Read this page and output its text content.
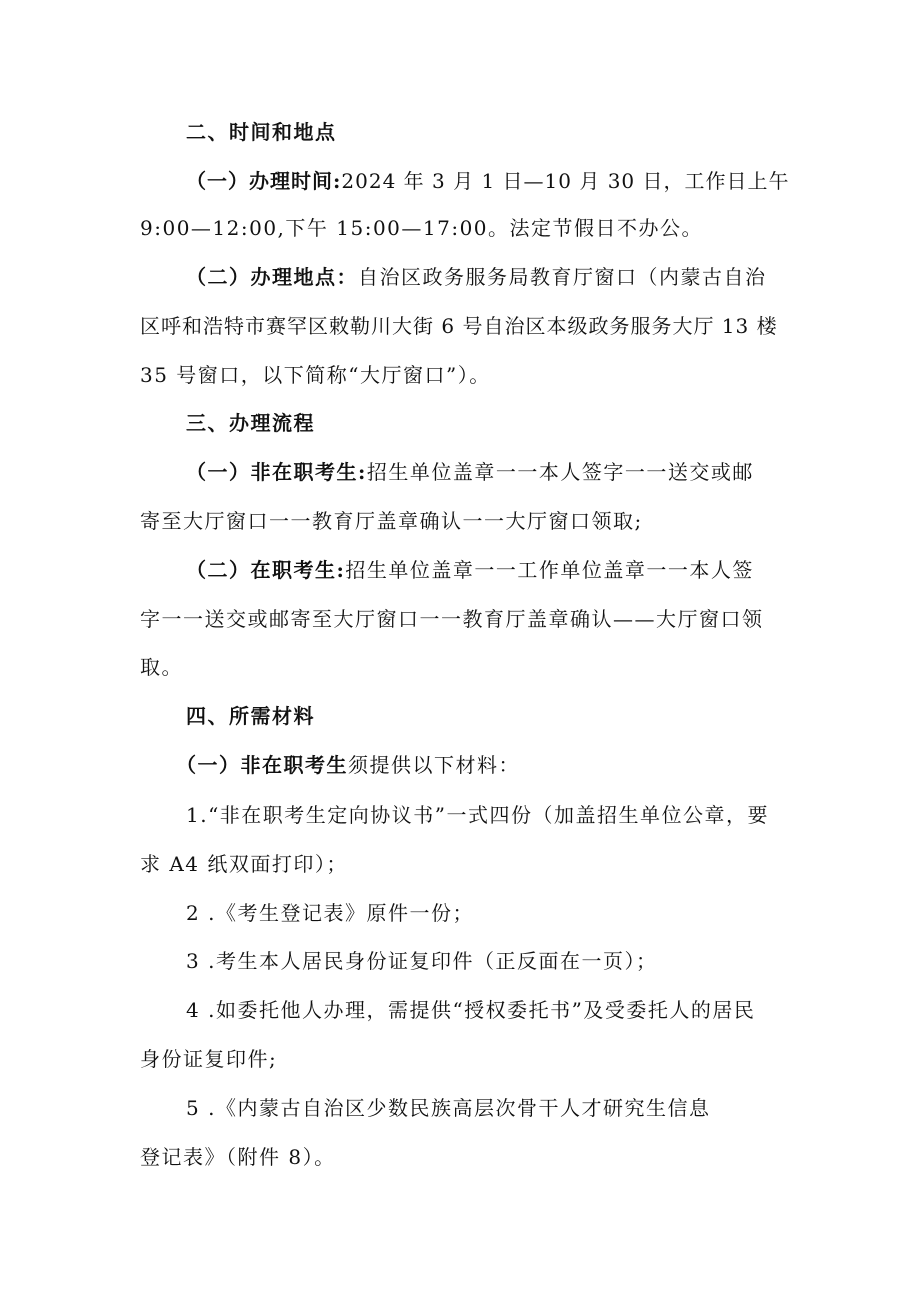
二、时间和地点
（一）办理时间:2024 年 3 月 1 日—10 月 30 日，工作日上午
9:00—12:00,下午 15:00—17:00。法定节假日不办公。
（二）办理地点：自治区政务服务局教育厅窗口（内蒙古自治
区呼和浩特市赛罕区敕勒川大街 6 号自治区本级政务服务大厅 13 楼
35 号窗口，以下简称“大厅窗口”）。
三、办理流程
（一）非在职考生:招生单位盖章一一本人签字一一送交或邮
寄至大厅窗口一一教育厅盖章确认一一大厅窗口领取;
（二）在职考生:招生单位盖章一一工作单位盖章一一本人签
字一一送交或邮寄至大厅窗口一一教育厅盖章确认——大厅窗口领
取。
四、所需材料
（一）非在职考生须提供以下材料：
1.“非在职考生定向协议书”一式四份（加盖招生单位公章，要
求 A4 纸双面打印）；
2 .《考生登记表》原件一份；
3 .考生本人居民身份证复印件（正反面在一页）；
4 .如委托他人办理，需提供“授权委托书”及受委托人的居民
身份证复印件;
5 .《内蒙古自治区少数民族高层次骨干人才研究生信息
登记表》（附件 8）。
